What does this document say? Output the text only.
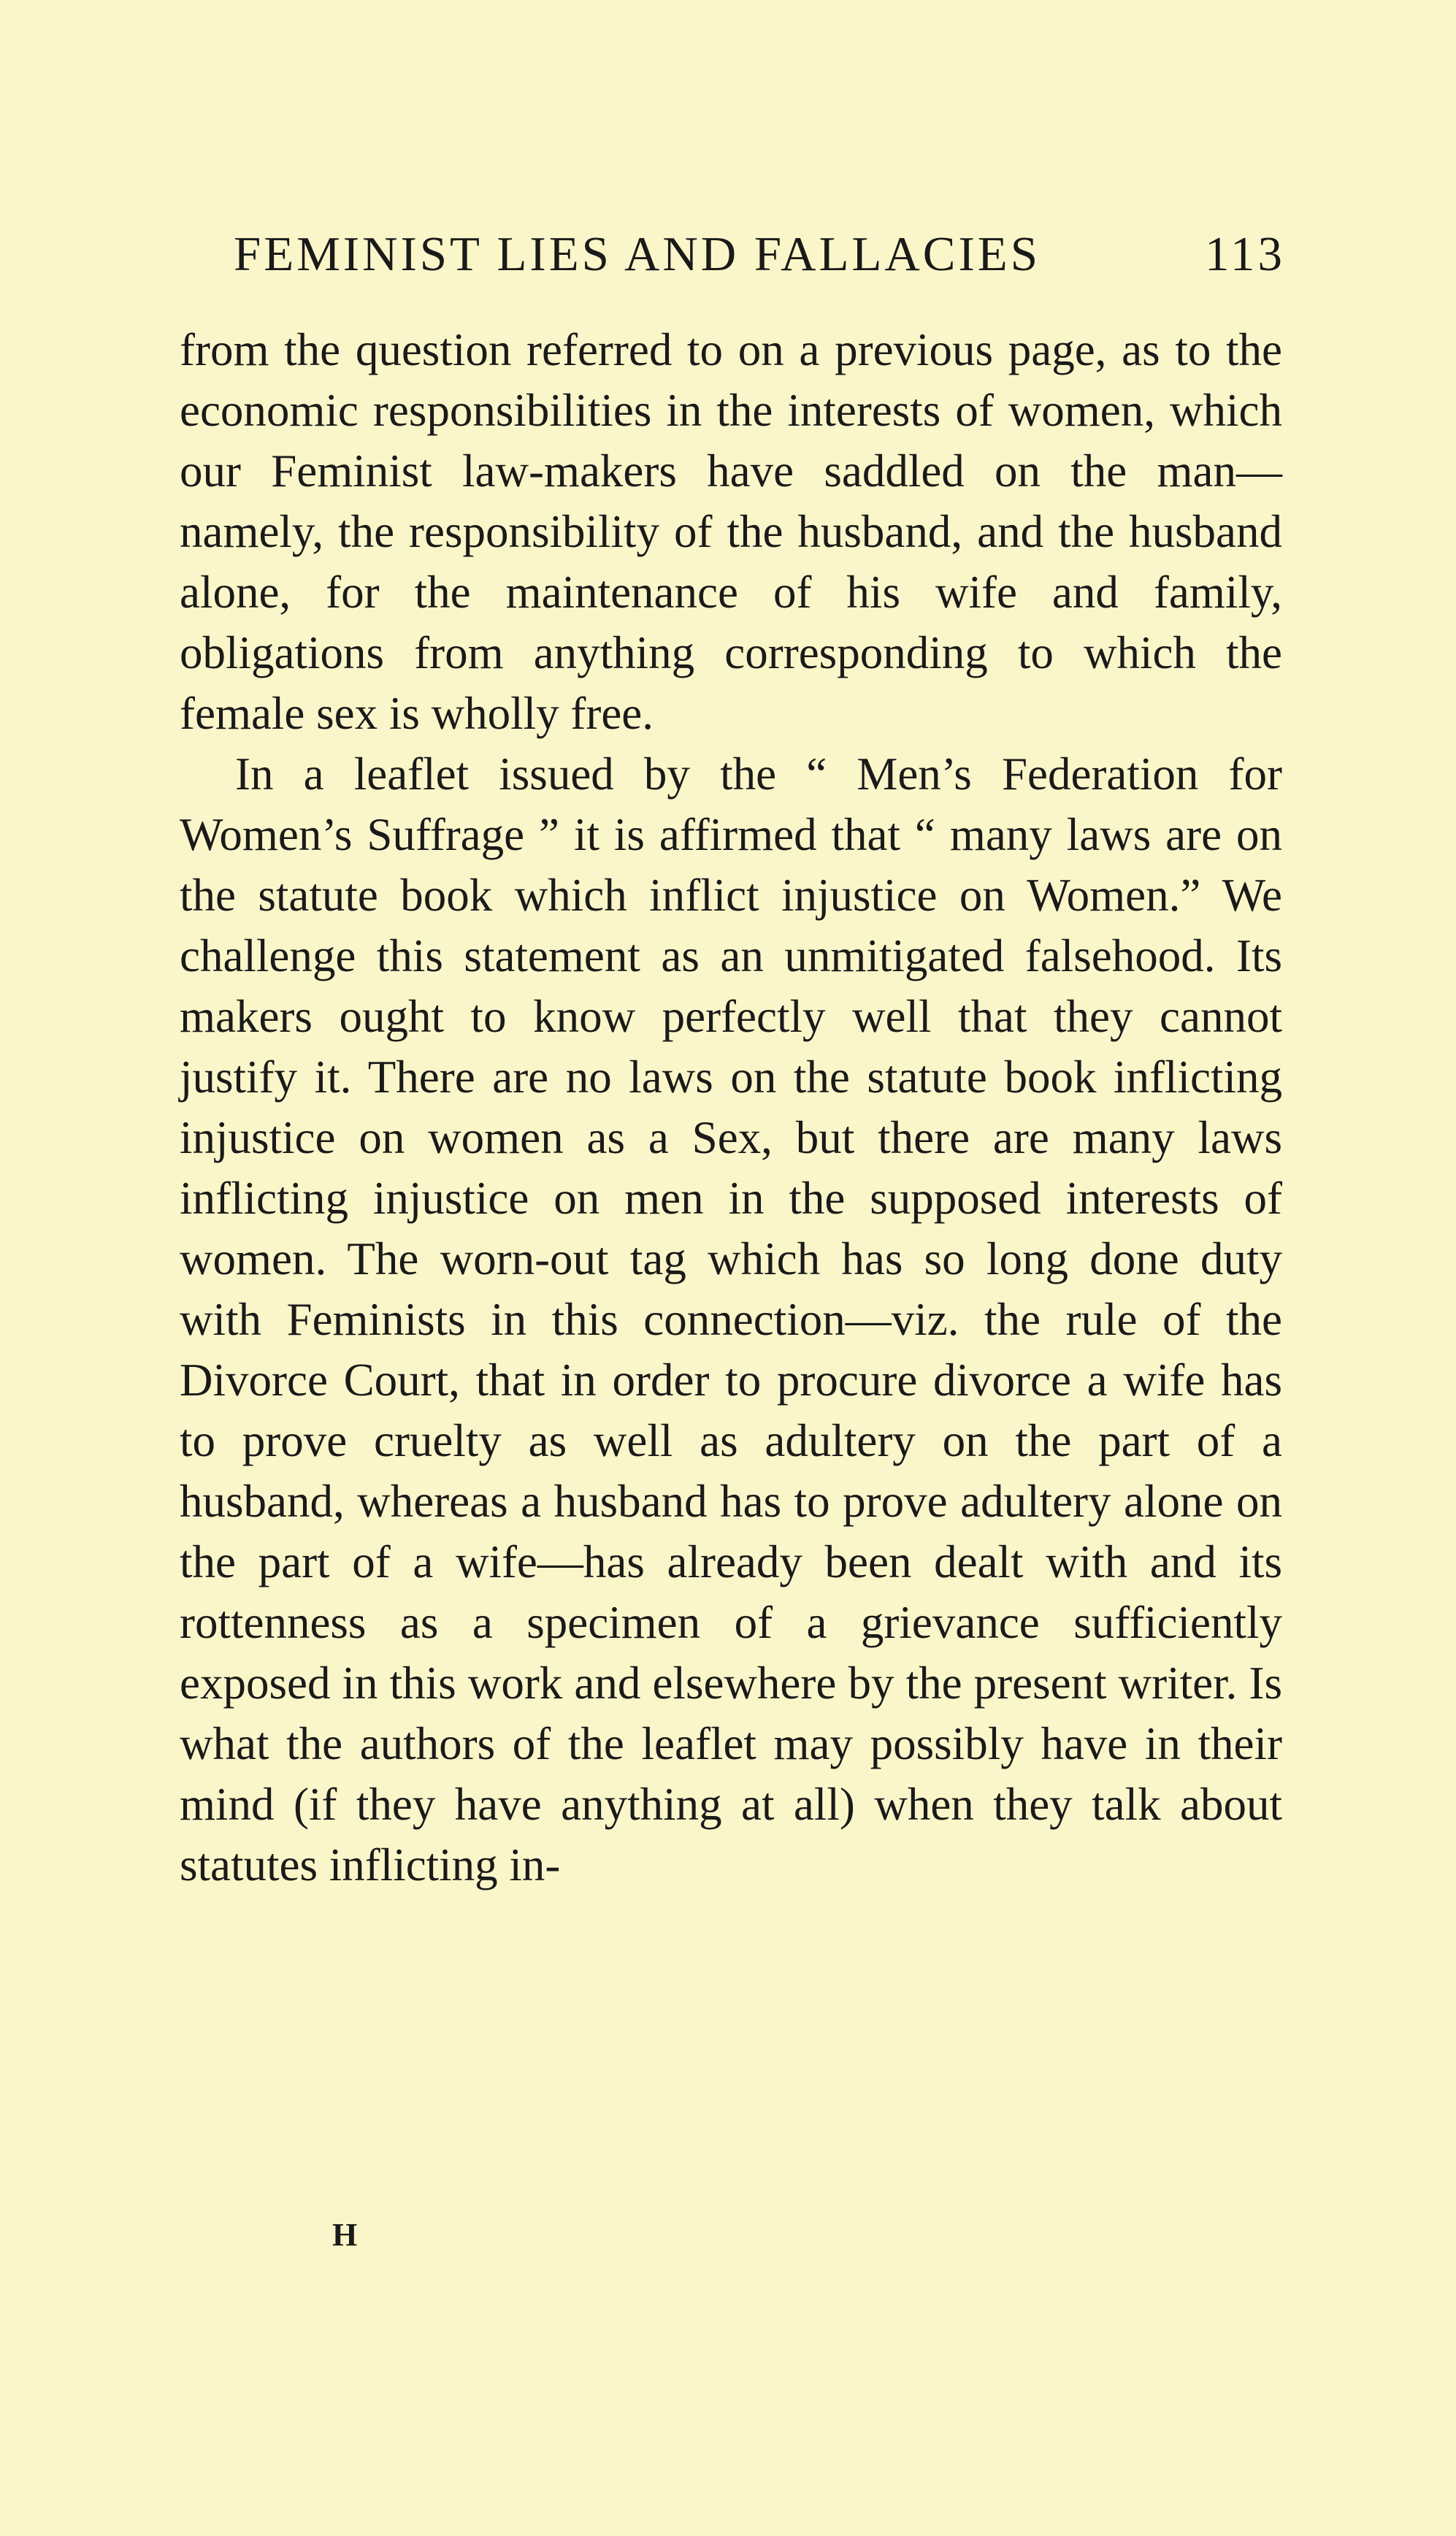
FEMINIST LIES AND FALLACIES	113

from the question referred to on a previous page, as to the economic responsibilities in the interests of women, which our Feminist law-makers have saddled on the man—namely, the responsibility of the husband, and the husband alone, for the maintenance of his wife and family, obligations from anything corresponding to which the female sex is wholly free.

In a leaflet issued by the “ Men’s Federation for Women’s Suffrage ” it is affirmed that “ many laws are on the statute book which inflict injustice on Women.” We challenge this statement as an unmitigated falsehood. Its makers ought to know perfectly well that they cannot justify it. There are no laws on the statute book inflicting injustice on women as a Sex, but there are many laws inflicting injustice on men in the supposed interests of women. The worn-out tag which has so long done duty with Feminists in this connection—viz. the rule of the Divorce Court, that in order to procure divorce a wife has to prove cruelty as well as adultery on the part of a husband, whereas a husband has to prove adultery alone on the part of a wife—has already been dealt with and its rottenness as a specimen of a grievance sufficiently exposed in this work and elsewhere by the present writer. Is what the authors of the leaflet may possibly have in their mind (if they have anything at all) when they talk about statutes inflicting in-

H
